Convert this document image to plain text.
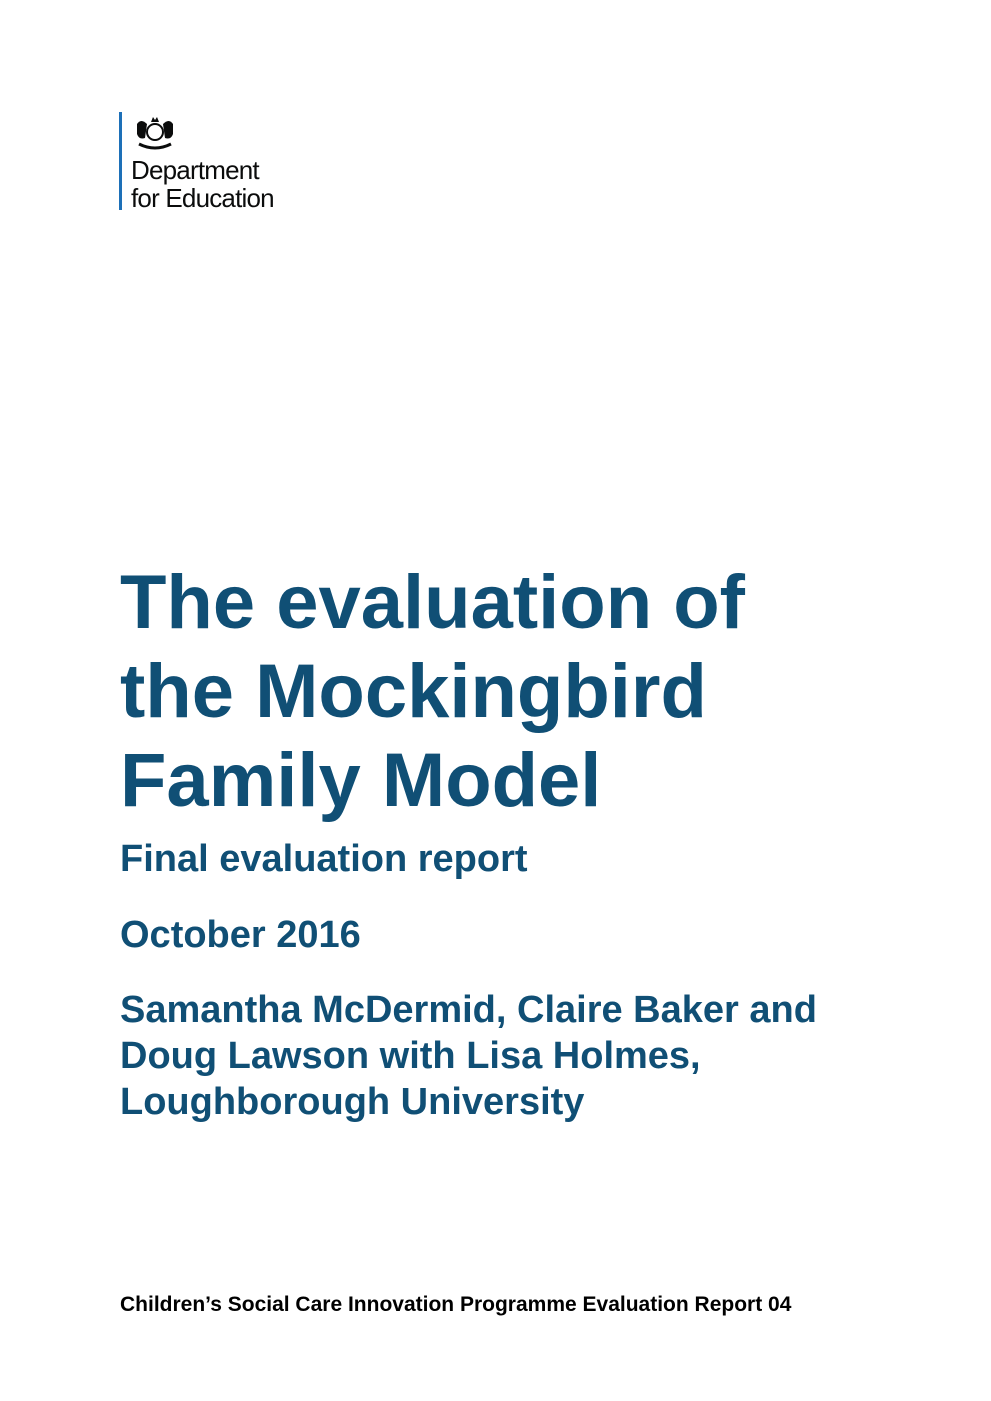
Department
for Education
The evaluation of
the Mockingbird
Family Model
Final evaluation report
October 2016
Samantha McDermid, Claire Baker and
Doug Lawson with Lisa Holmes,
Loughborough University
Children’s Social Care Innovation Programme Evaluation Report 04
